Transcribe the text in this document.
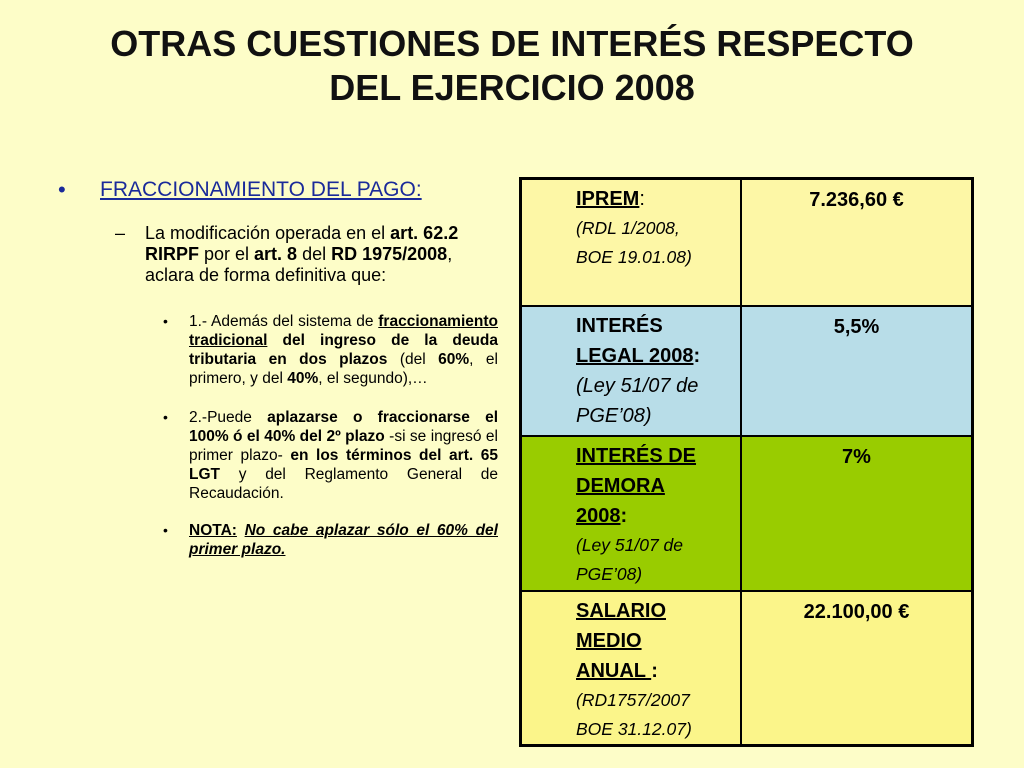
OTRAS CUESTIONES DE INTERÉS RESPECTO
DEL EJERCICIO 2008
• FRACCIONAMIENTO DEL PAGO:
– La modificación operada en el art. 62.2 RIRPF por el art. 8 del RD 1975/2008, aclara de forma definitiva que:
• 1.- Además del sistema de fraccionamiento tradicional del ingreso de la deuda tributaria en dos plazos (del 60%, el primero, y del 40%, el segundo),…
• 2.-Puede aplazarse o fraccionarse el 100% ó el 40% del 2º plazo -si se ingresó el primer plazo- en los términos del art. 65 LGT y del Reglamento General de Recaudación.
• NOTA: No cabe aplazar sólo el 60% del primer plazo.
IPREM:
(RDL 1/2008,
BOE 19.01.08)
7.236,60 €
INTERÉS
LEGAL 2008:
(Ley 51/07 de
PGE’08)
5,5%
INTERÉS DE
DEMORA
2008:
(Ley 51/07 de
PGE’08)
7%
SALARIO
MEDIO
ANUAL :
(RD1757/2007
BOE 31.12.07)
22.100,00 €
